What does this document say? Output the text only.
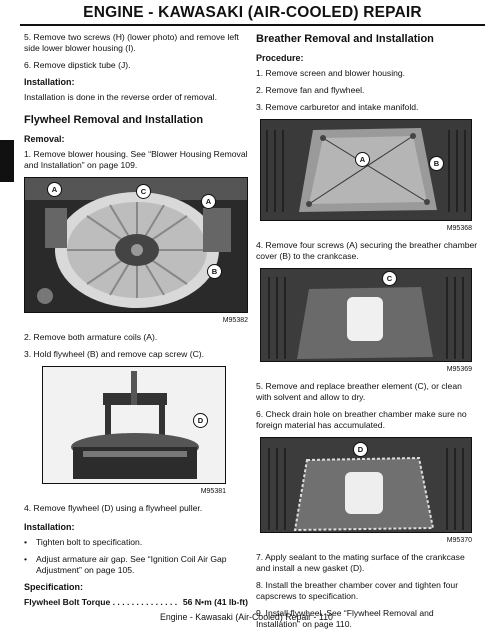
ENGINE - KAWASAKI (AIR-COOLED) REPAIR

5. Remove two screws (H) (lower photo) and remove left side lower blower housing (I).

6. Remove dipstick tube (J).

Installation:

Installation is done in the reverse order of removal.

Flywheel Removal and Installation
Removal:

1. Remove blower housing. See “Blower Housing Removal and Installation” on page 109.

A	C
A
B
M95382

2. Remove both armature coils (A).

3. Hold flywheel (B) and remove cap screw (C).

D
M95381

4. Remove flywheel (D) using a flywheel puller.

Installation:
•	Tighten bolt to specification.
•	Adjust armature air gap. See “Ignition Coil Air Gap Adjustment” on page 105.
Specification:
Flywheel Bolt Torque . . . . . . . . . . . . . . 56 N•m (41 lb-ft)
Breather Removal and Installation
Procedure:

1. Remove screen and blower housing.

2. Remove fan and flywheel.

3. Remove carburetor and intake manifold.

A	B
M95368

4. Remove four screws (A) securing the breather chamber cover (B) to the crankcase.

C
M95369

5. Remove and replace breather element (C), or clean with solvent and allow to dry.

6. Check drain hole on breather chamber make sure no foreign material has accumulated.

D
M95370

7. Apply sealant to the mating surface of the crankcase and install a new gasket (D).

8. Install the breather chamber cover and tighten four capscrews to specification.

9. Install flywheel. See “Flywheel Removal and Installation” on page 110.

Engine - Kawasaki (Air-Cooled) Repair - 110
